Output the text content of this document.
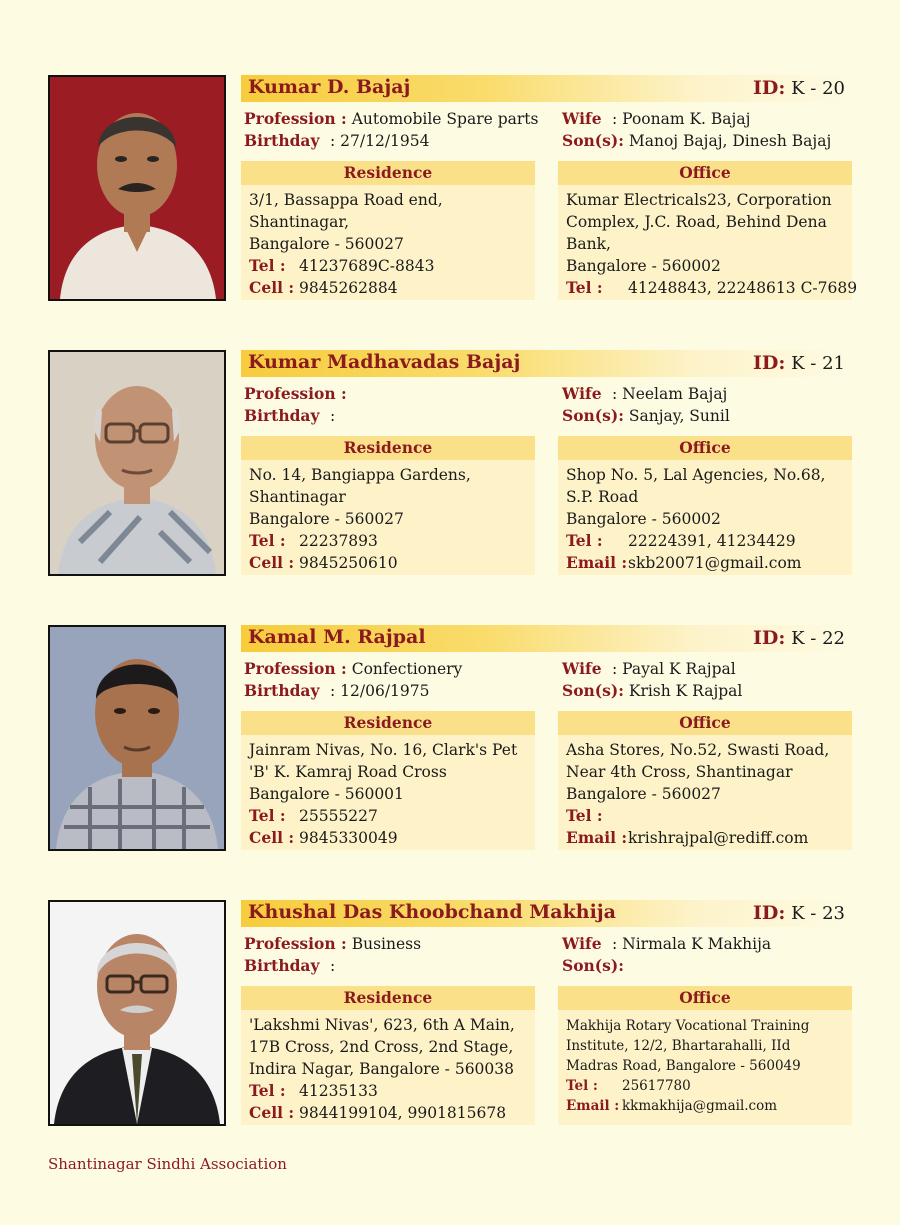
Kumar D. Bajaj	ID: K - 20
Profession : Automobile Spare parts
Birthday : 27/12/1954
Wife : Poonam K. Bajaj
Son(s): Manoj Bajaj, Dinesh Bajaj
Residence
3/1, Bassappa Road end,
Shantinagar,
Bangalore - 560027
Tel : 41237689C-8843
Cell : 9845262884
Office
Kumar Electricals23, Corporation
Complex, J.C. Road, Behind Dena
Bank,
Bangalore - 560002
Tel : 41248843, 22248613 C-7689
Kumar Madhavadas Bajaj	ID: K - 21
Profession :
Birthday :
Wife : Neelam Bajaj
Son(s): Sanjay, Sunil
Residence
No. 14, Bangiappa Gardens,
Shantinagar
Bangalore - 560027
Tel : 22237893
Cell : 9845250610
Office
Shop No. 5, Lal Agencies, No.68,
S.P. Road
Bangalore - 560002
Tel : 22224391, 41234429
Email :skb20071@gmail.com
Kamal M. Rajpal	ID: K - 22
Profession : Confectionery
Birthday : 12/06/1975
Wife : Payal K Rajpal
Son(s): Krish K Rajpal
Residence
Jainram Nivas, No. 16, Clark's Pet
'B' K. Kamraj Road Cross
Bangalore - 560001
Tel : 25555227
Cell : 9845330049
Office
Asha Stores, No.52, Swasti Road,
Near 4th Cross, Shantinagar
Bangalore - 560027
Tel :
Email :krishrajpal@rediff.com
Khushal Das Khoobchand Makhija	ID: K - 23
Profession : Business
Birthday :
Wife : Nirmala K Makhija
Son(s):
Residence
'Lakshmi Nivas', 623, 6th A Main,
17B Cross, 2nd Cross, 2nd Stage,
Indira Nagar, Bangalore - 560038
Tel : 41235133
Cell : 9844199104, 9901815678
Office
Makhija Rotary Vocational Training
Institute, 12/2, Bhartarahalli, IId
Madras Road, Bangalore - 560049
Tel : 25617780
Email : kkmakhija@gmail.com
Shantinagar Sindhi Association
